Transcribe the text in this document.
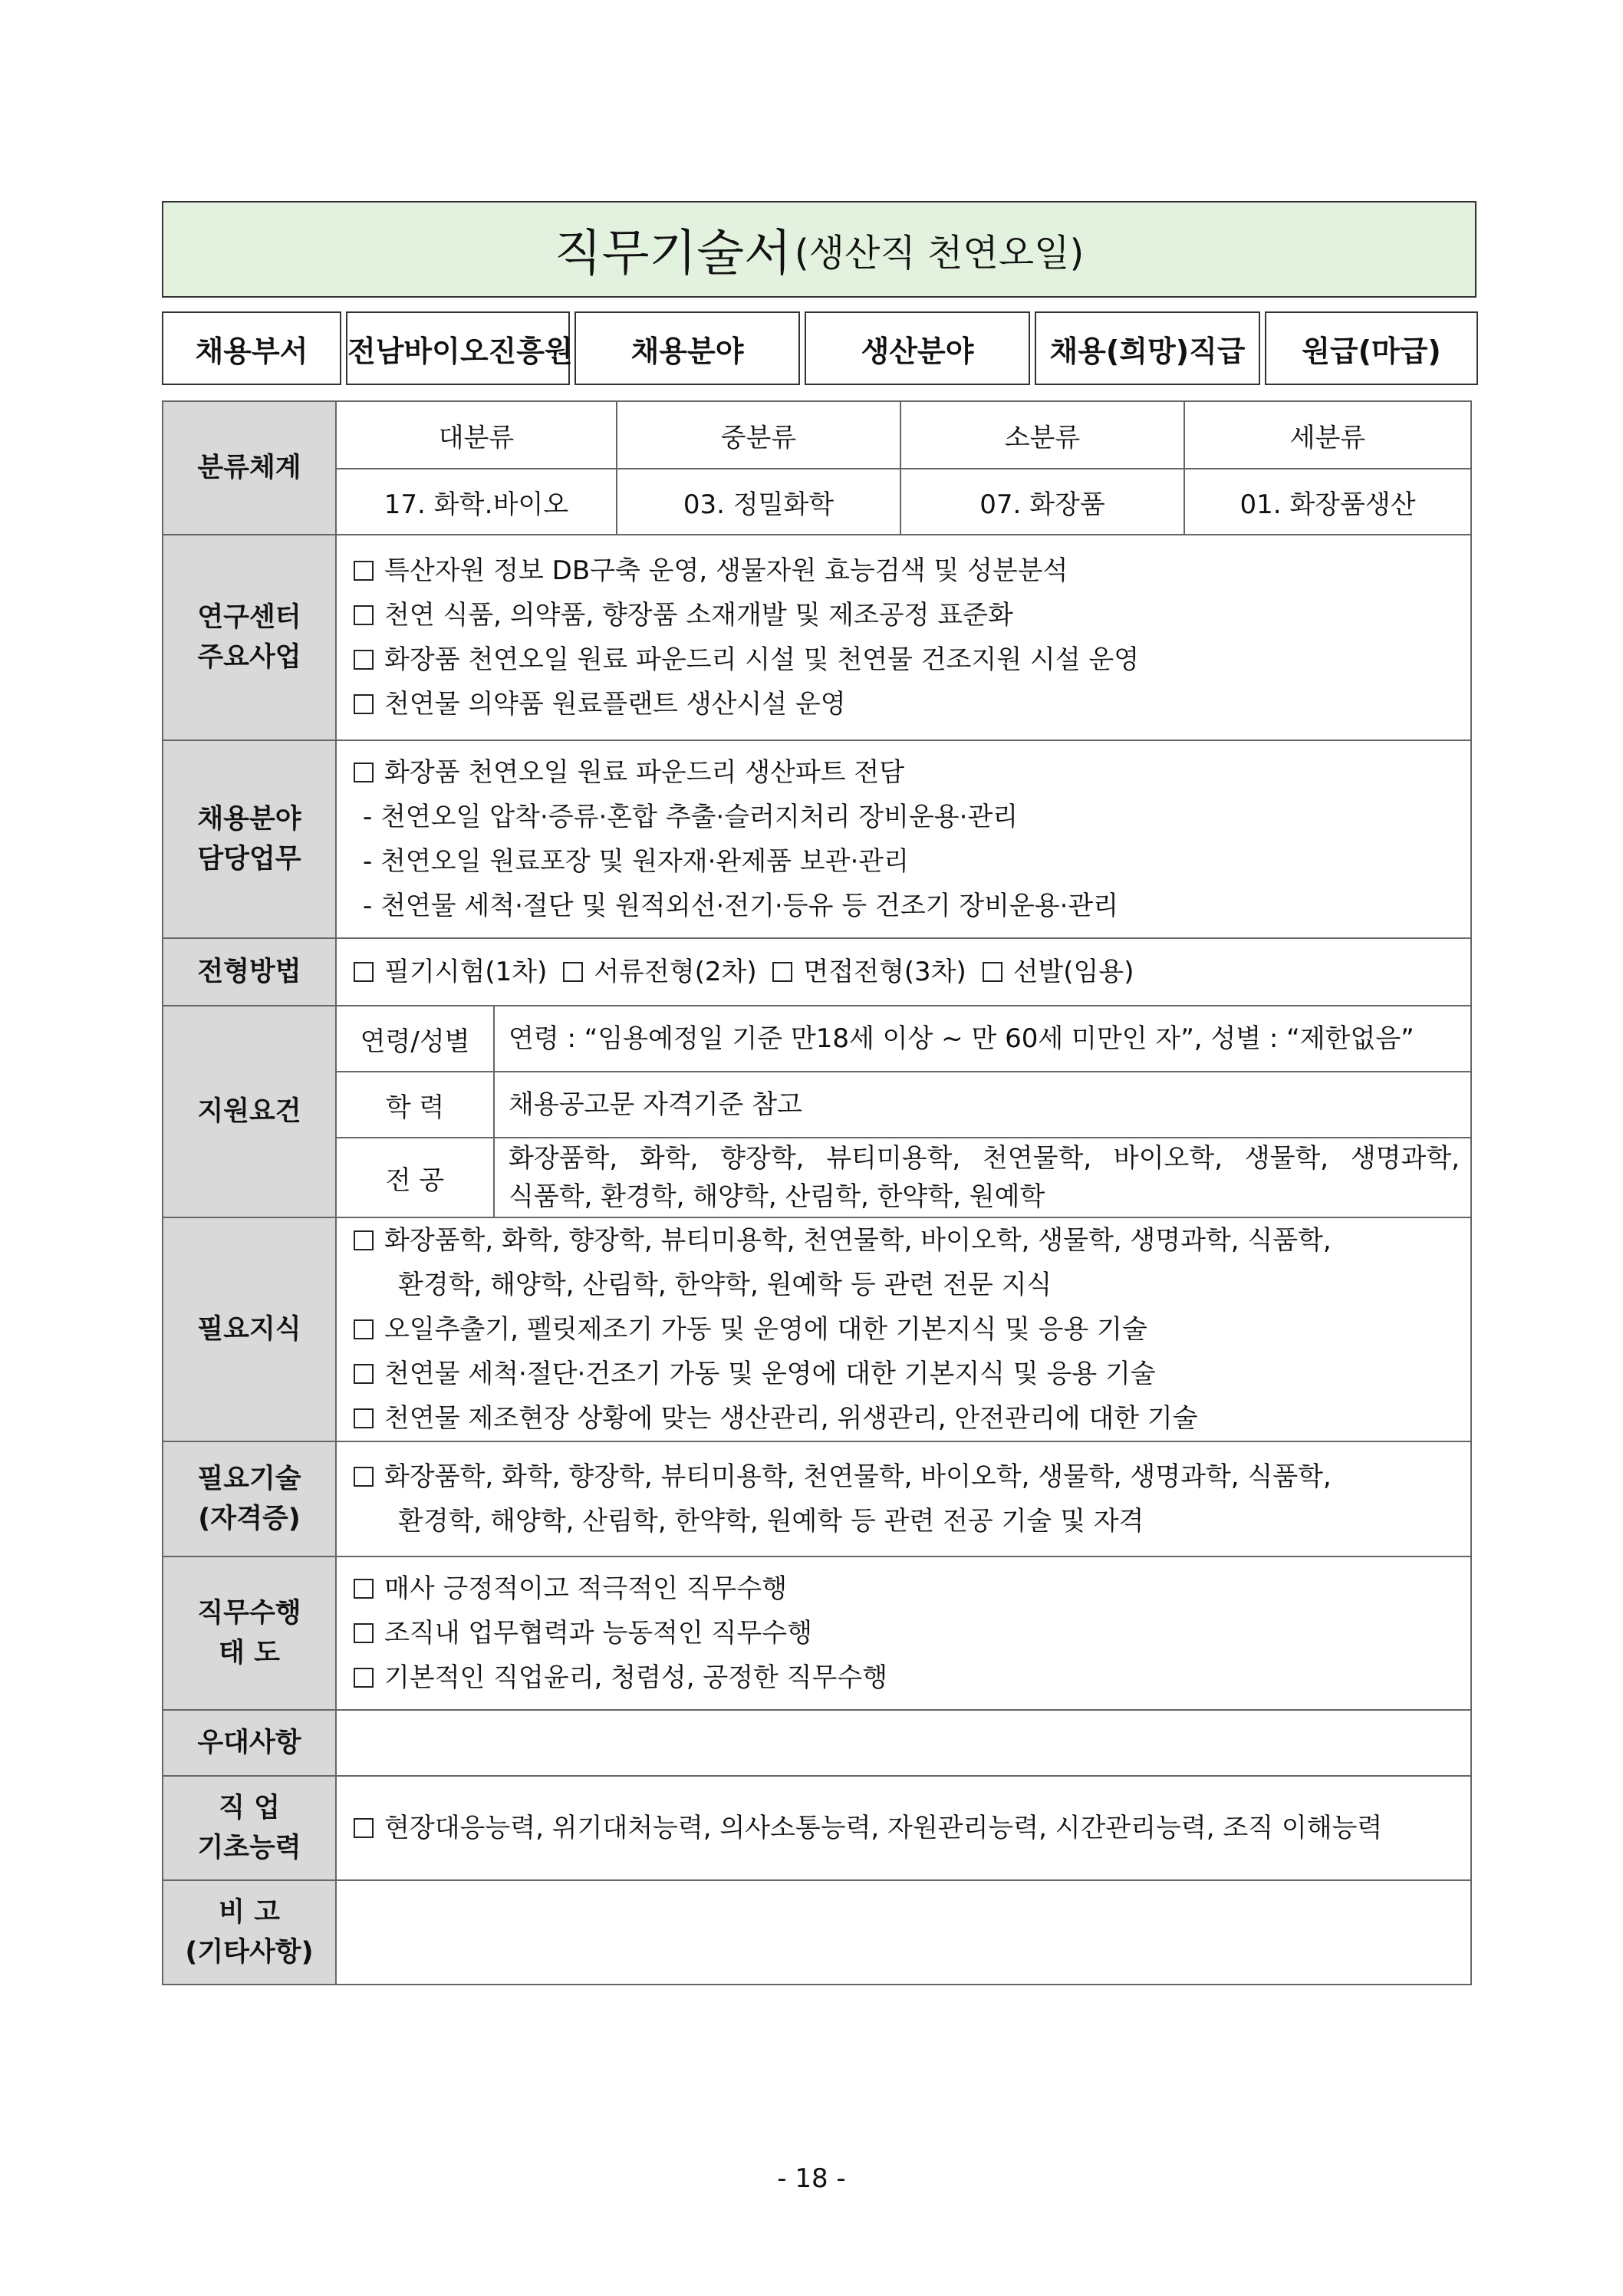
직무기술서 (생산직 천연오일)
채용부서		전남바이오진흥원		채용분야		생산분야		채용(희망)직급		원급(마급)
분류체계	대분류		중분류	소분류	세분류
	17. 화학․바이오		03. 정밀화학	07. 화장품	01. 화장품생산

연구센터
주요사업	특산자원 정보 DB구축 운영, 생물자원 효능검색 및 성분분석
천연 식품, 의약품, 향장품 소재개발 및 제조공정 표준화
화장품 천연오일 원료 파운드리 시설 및 천연물 건조지원 시설 운영
천연물 의약품 원료플랜트 생산시설 운영				

채용분야
담당업무	화장품 천연오일 원료 파운드리 생산파트 전담
- 천연오일 압착·증류·혼합 추출·슬러지처리 장비운용·관리
- 천연오일 원료포장 및 원자재·완제품 보관·관리
- 천연물 세척·절단 및 원적외선·전기·등유 등 건조기 장비운용·관리				

전형방법	필기시험(1차) 서류전형(2차) 면접전형(3차) 선발(임용)				

지원요건	연령/성별	연령 : “임용예정일 기준 만18세 이상 ~ 만 60세 미만인 자”, 성별 : “제한없음”			
	학 력	채용공고문 자격기준 참고			
	전 공	화장품학, 화학, 향장학, 뷰티미용학, 천연물학, 바이오학, 생물학, 생명과학,
식품학, 환경학, 해양학, 산림학, 한약학, 원예학			

필요지식	화장품학, 화학, 향장학, 뷰티미용학, 천연물학, 바이오학, 생물학, 생명과학, 식품학,
환경학, 해양학, 산림학, 한약학, 원예학 등 관련 전문 지식
오일추출기, 펠릿제조기 가동 및 운영에 대한 기본지식 및 응용 기술
천연물 세척·절단·건조기 가동 및 운영에 대한 기본지식 및 응용 기술
천연물 제조현장 상황에 맞는 생산관리, 위생관리, 안전관리에 대한 기술				

필요기술
(자격증)	화장품학, 화학, 향장학, 뷰티미용학, 천연물학, 바이오학, 생물학, 생명과학, 식품학,
환경학, 해양학, 산림학, 한약학, 원예학 등 관련 전공 기술 및 자격				

직무수행
태 도	매사 긍정적이고 적극적인 직무수행
조직내 업무협력과 능동적인 직무수행
기본적인 직업윤리, 청렴성, 공정한 직무수행				

우대사항					

직 업
기초능력	현장대응능력, 위기대처능력, 의사소통능력, 자원관리능력, 시간관리능력, 조직 이해능력				

비 고
(기타사항)					

- 18 -
